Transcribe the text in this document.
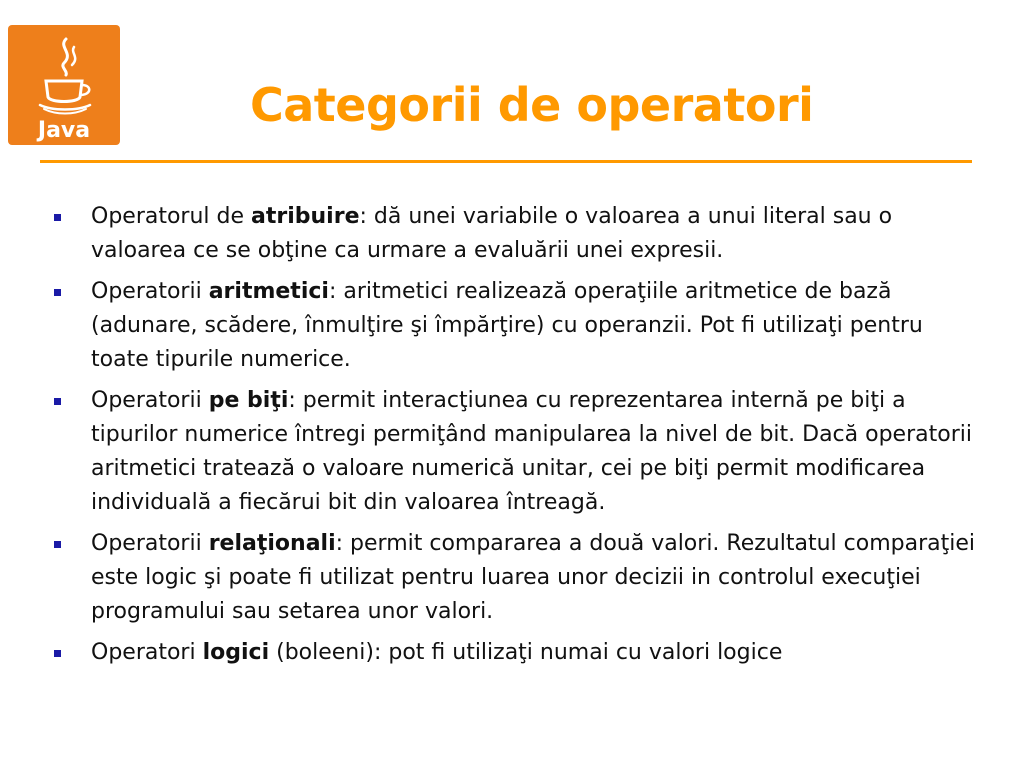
Java	Categorii de operatori
Operatorul de atribuire: dă unei variabile o valoarea a unui literal sau o valoarea ce se obţine ca urmare a evaluării unei expresii.
Operatorii aritmetici: aritmetici realizează operaţiile aritmetice de bază (adunare, scădere, înmulţire şi împărţire) cu operanzii. Pot fi utilizaţi pentru toate tipurile numerice.
Operatorii pe biţi: permit interacţiunea cu reprezentarea internă pe biţi a tipurilor numerice întregi permiţând manipularea la nivel de bit. Dacă operatorii aritmetici tratează o valoare numerică unitar, cei pe biţi permit modificarea individuală a fiecărui bit din valoarea întreagă.
Operatorii relaţionali: permit compararea a două valori. Rezultatul comparaţiei este logic şi poate fi utilizat pentru luarea unor decizii in controlul execuţiei programului sau setarea unor valori.
Operatori logici (boleeni): pot fi utilizaţi numai cu valori logice
